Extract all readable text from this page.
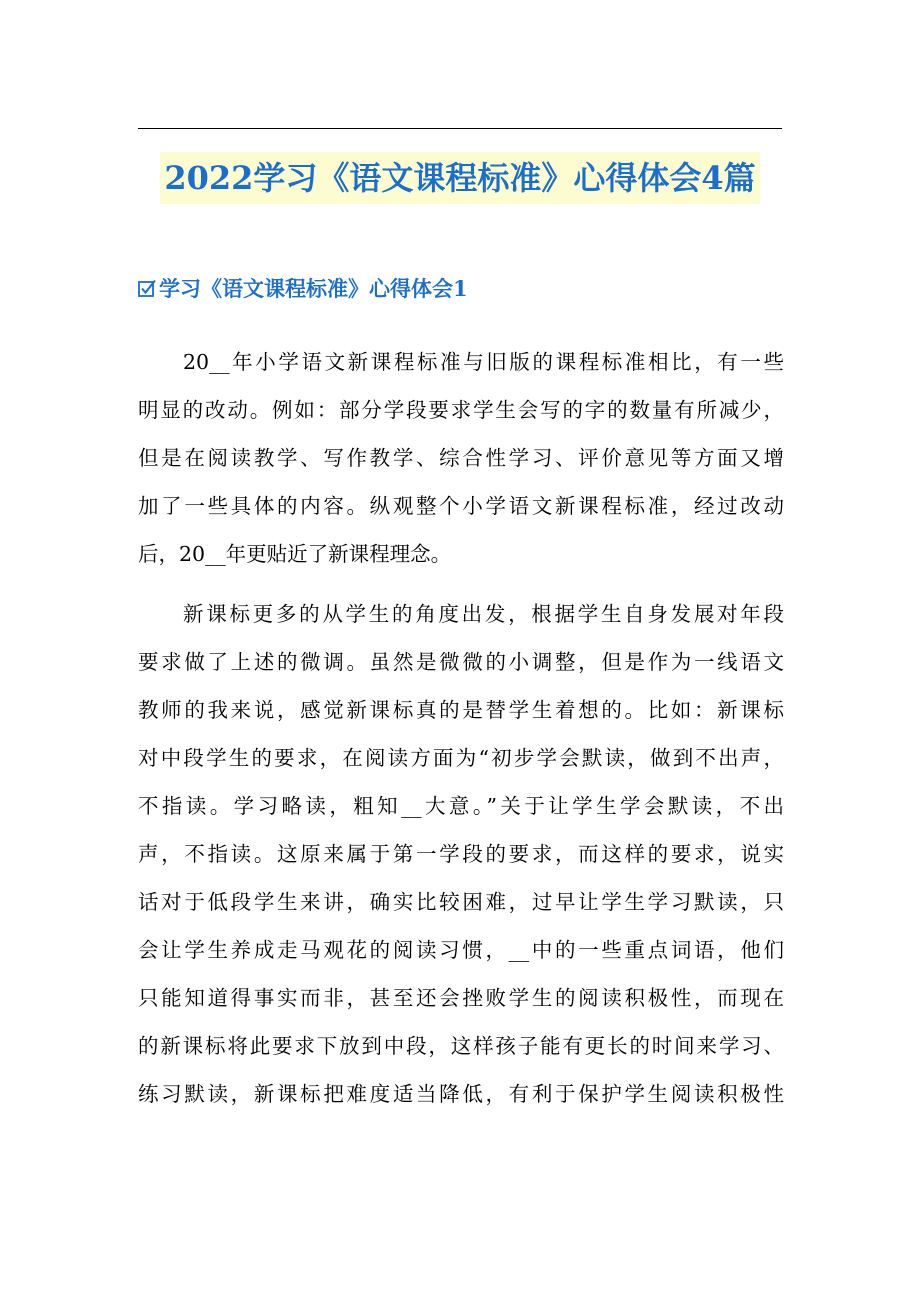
2022学习《语文课程标准》心得体会4篇
学习《语文课程标准》心得体会1
20__年小学语文新课程标准与旧版的课程标准相比，有一些
明显的改动。例如：部分学段要求学生会写的字的数量有所减少，
但是在阅读教学、写作教学、综合性学习、评价意见等方面又增
加了一些具体的内容。纵观整个小学语文新课程标准，经过改动
后，20__年更贴近了新课程理念。
新课标更多的从学生的角度出发，根据学生自身发展对年段
要求做了上述的微调。虽然是微微的小调整，但是作为一线语文
教师的我来说，感觉新课标真的是替学生着想的。比如：新课标
对中段学生的要求，在阅读方面为“初步学会默读，做到不出声，
不指读。学习略读，粗知__大意。”关于让学生学会默读，不出
声，不指读。这原来属于第一学段的要求，而这样的要求，说实
话对于低段学生来讲，确实比较困难，过早让学生学习默读，只
会让学生养成走马观花的阅读习惯，__中的一些重点词语，他们
只能知道得事实而非，甚至还会挫败学生的阅读积极性，而现在
的新课标将此要求下放到中段，这样孩子能有更长的时间来学习、
练习默读，新课标把难度适当降低，有利于保护学生阅读积极性
